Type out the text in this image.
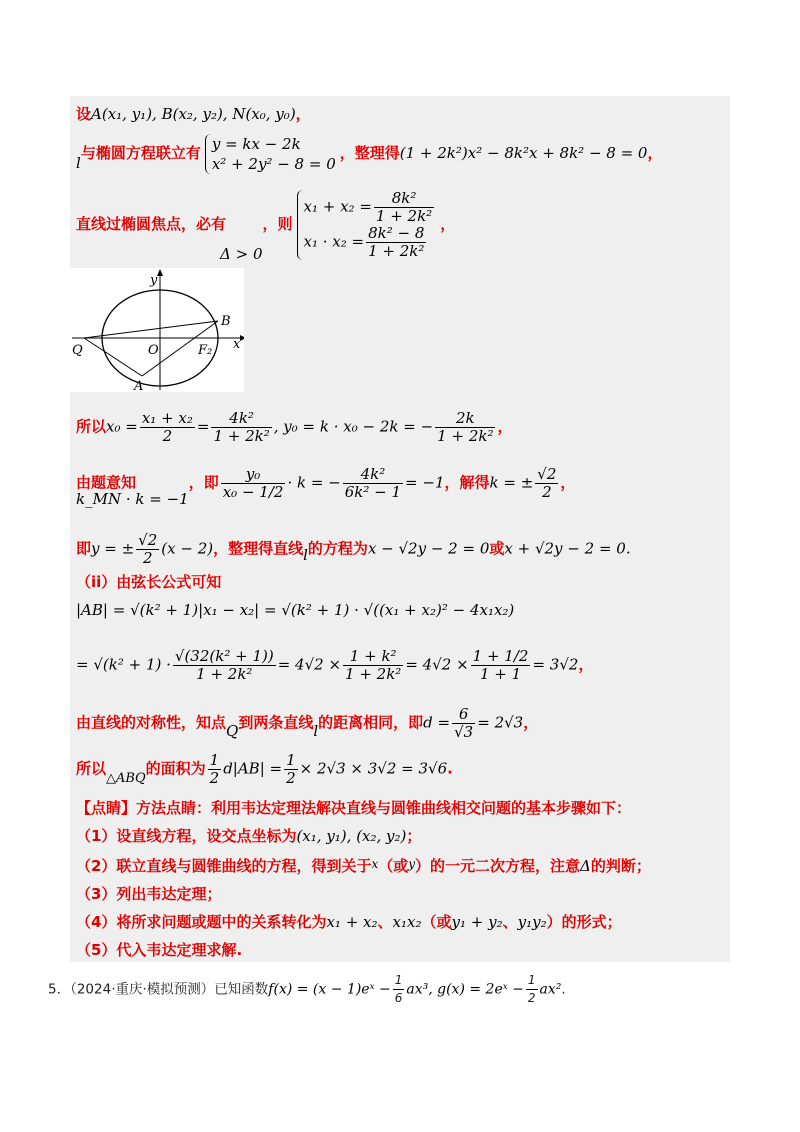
设A(x₁, y₁), B(x₂, y₂), N(x₀, y₀)，
l与椭圆方程联立有 y = kx − 2k
x² + 2y² − 8 = 0
，整理得(1 + 2k²)x² − 8k²x + 8k² − 8 = 0，
直线过椭圆焦点，必有Δ > 0，则
$x_1 + x_2 = \frac{\text{8k²}}{\text{1 + 2k²}}$
$x_1 \cdot x_2 = \frac{\text{8k² − 8}}{\text{1 + 2k²}}$
，
y
x
B
Q	O	F₂
A
所以$x_0 = \frac{\text{x₁ + x₂}}{2} = \frac{\text{4k²}}{\text{1 + 2k²}}$ , y₀ = k · x₀ − 2k = − $\frac{2k}{\text{1 + 2k²}}$ ，
由题意知k_MN · k = −1，即 $\frac{\text{y₀}}{\text{x₀ − 1/2}} \cdot k$ = − $\frac{\text{4k²}}{\text{6k² − 1}} = -1$，解得k = ± $\frac{√2}{2}$ ，
即y = ± $\frac{√2}{2} (x - 2)$，整理得直线l的方程为x − √2y − 2 = 0或x + √2y − 2 = 0.
（ii）由弦长公式可知
|AB| = √(k² + 1)|x₁ − x₂| = √(k² + 1) · √((x₁ + x₂)² − 4x₁x₂)
= $√(k^2 + 1) \cdot \frac{\text{√(32(k² + 1))}}{\text{1 + 2k²}} = 4√2 \times \frac{\text{1 + k²}}{\text{1 + 2k²}} = 4√2 \times \frac{1 + 1/2}{1 + 1} = 3√2$，
由直线的对称性，知点Q到两条直线l的距离相同，即$d = \frac{6}{√3} = 2√3$，
所以△ABQ的面积为 $\frac{1}{2} d|AB| = \frac{1}{2} \times 2√3 \times 3√2 = 3√6$.
【点睛】方法点睛：利用韦达定理法解决直线与圆锥曲线相交问题的基本步骤如下：
（1）设直线方程，设交点坐标为(x₁, y₁), (x₂, y₂)；
（2）联立直线与圆锥曲线的方程，得到关于$^x$（或$^y$）的一元二次方程，注意Δ的判断；
（3）列出韦达定理；
（4）将所求问题或题中的关系转化为x₁ + x₂、x₁x₂（或y₁ + y₂、y₁y₂）的形式；
（5）代入韦达定理求解.
5．（2024·重庆·模拟预测）已知函数f(x) = (x − 1)eˣ − $\frac{1}{6} ax^3$, g(x) = 2eˣ − $\frac{1}{2} ax^2$.
